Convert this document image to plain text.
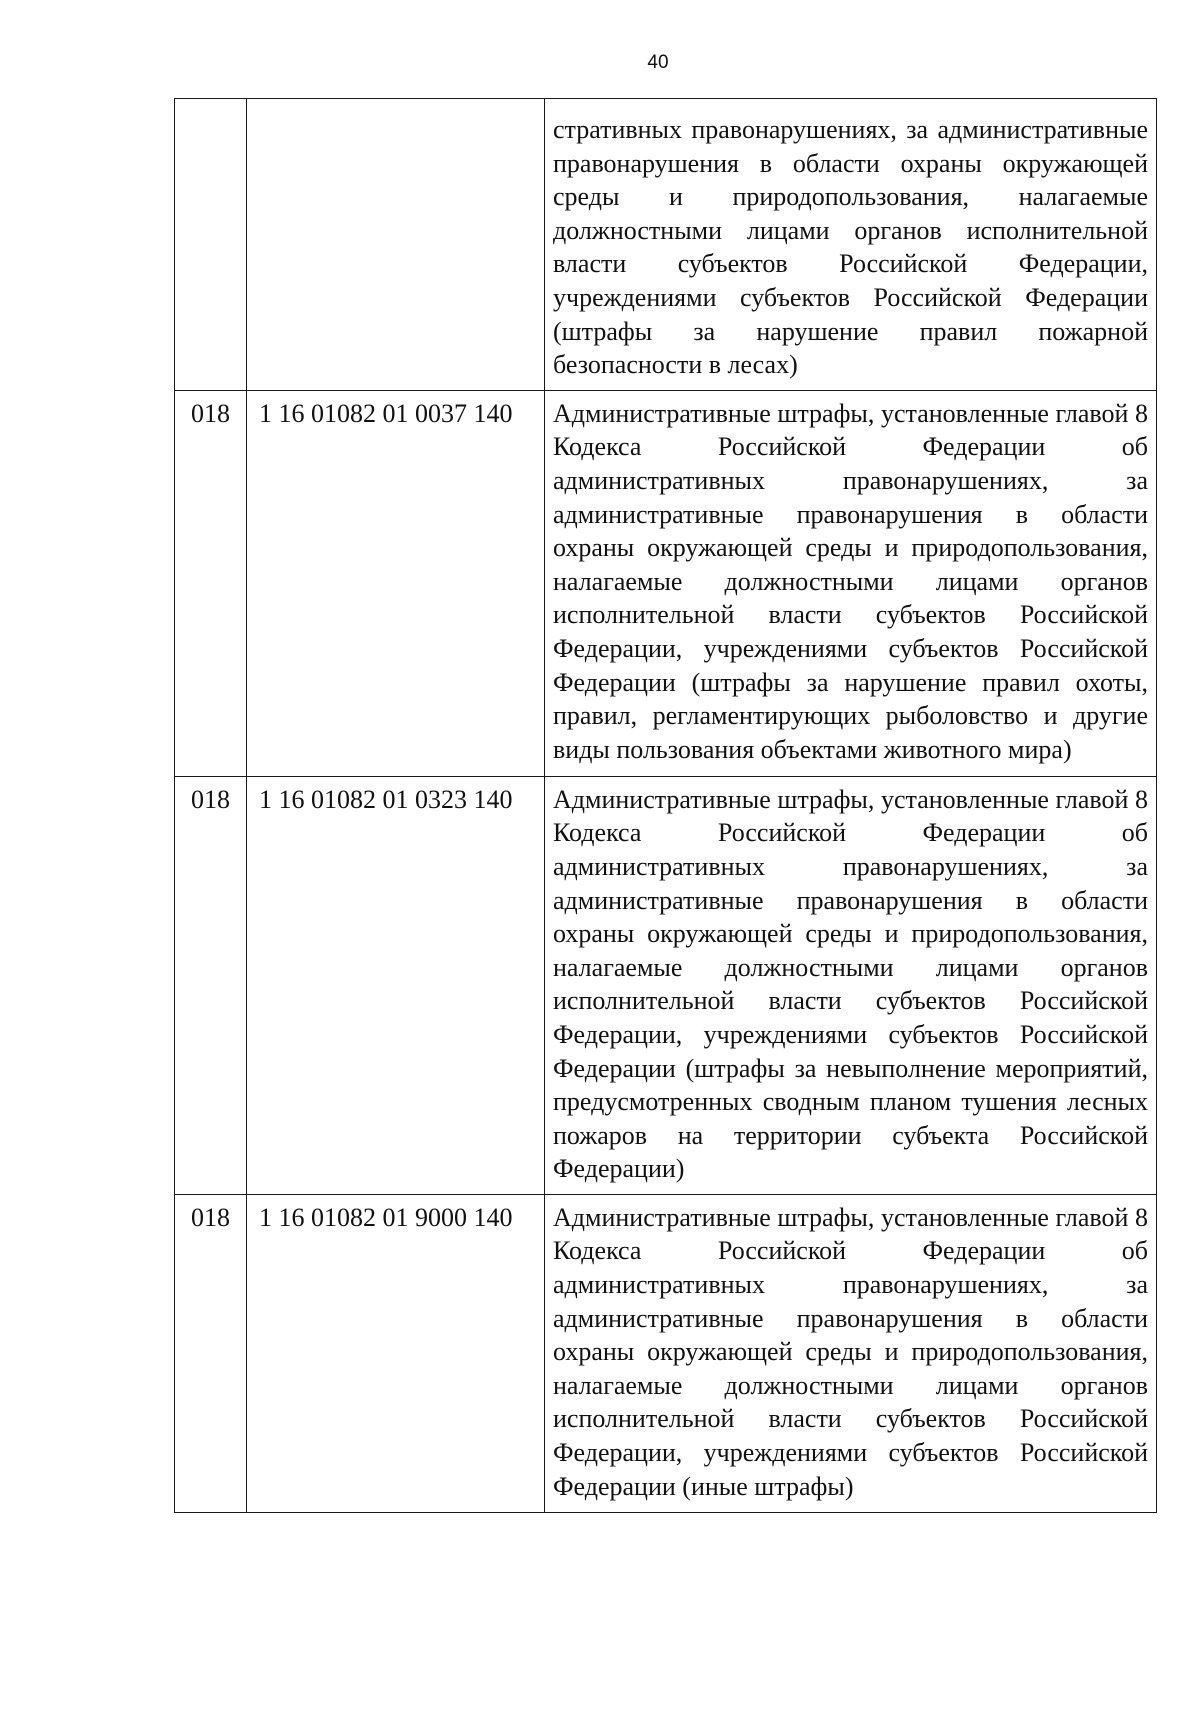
40
		стративных правонарушениях, за административные правонарушения в области охраны окружающей среды и природопользования, налагаемые должностными лицами органов исполнительной власти субъектов Российской Федерации, учреждениями субъектов Российской Федерации (штрафы за нарушение правил пожарной безопасности в лесах)
018	1 16 01082 01 0037 140	Административные штрафы, установленные главой 8 Кодекса Российской Федерации об административных правонарушениях, за административные правонарушения в области охраны окружающей среды и природопользования, налагаемые должностными лицами органов исполнительной власти субъектов Российской Федерации, учреждениями субъектов Российской Федерации (штрафы за нарушение правил охоты, правил, регламентирующих рыболовство и другие виды пользования объектами животного мира)
018	1 16 01082 01 0323 140	Административные штрафы, установленные главой 8 Кодекса Российской Федерации об административных правонарушениях, за административные правонарушения в области охраны окружающей среды и природопользования, налагаемые должностными лицами органов исполнительной власти субъектов Российской Федерации, учреждениями субъектов Российской Федерации (штрафы за невыполнение мероприятий, предусмотренных сводным планом тушения лесных пожаров на территории субъекта Российской Федерации)
018	1 16 01082 01 9000 140	Административные штрафы, установленные главой 8 Кодекса Российской Федерации об административных правонарушениях, за административные правонарушения в области охраны окружающей среды и природопользования, налагаемые должностными лицами органов исполнительной власти субъектов Российской Федерации, учреждениями субъектов Российской Федерации (иные штрафы)
